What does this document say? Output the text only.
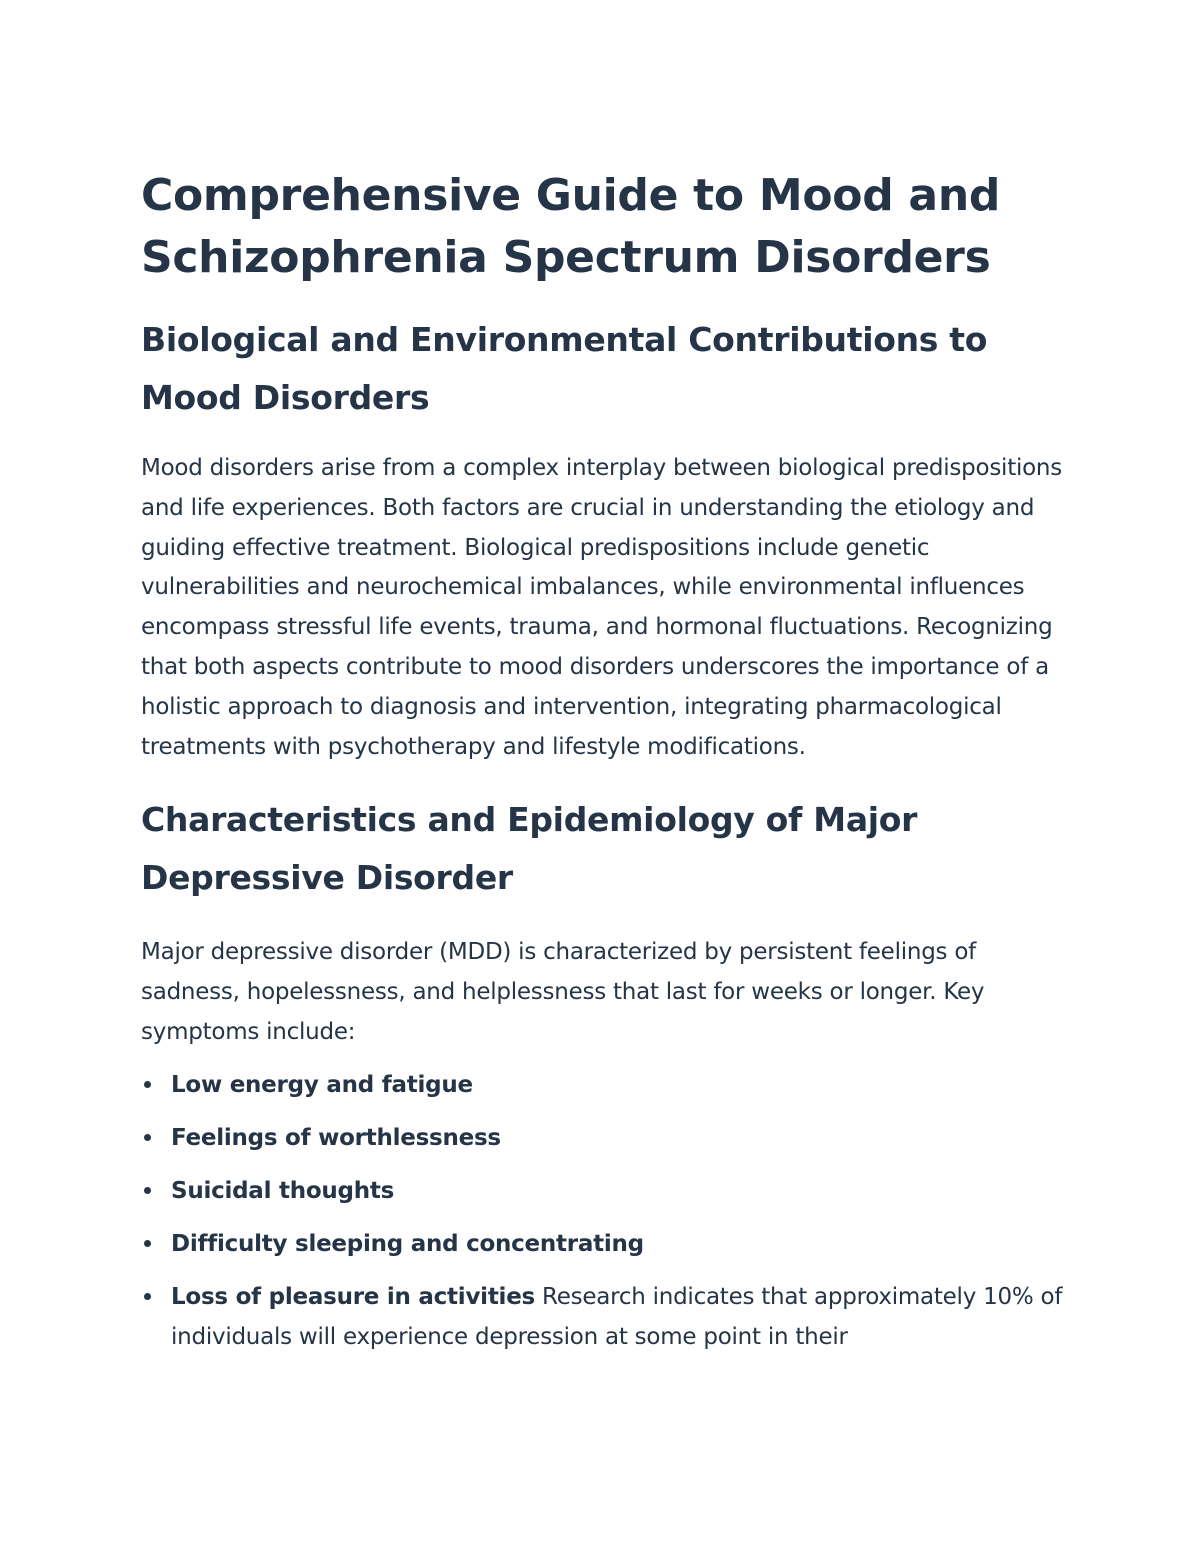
Comprehensive Guide to Mood and Schizophrenia Spectrum Disorders
Biological and Environmental Contributions to Mood Disorders

Mood disorders arise from a complex interplay between biological predispositions and life experiences. Both factors are crucial in understanding the etiology and guiding effective treatment. Biological predispositions include genetic vulnerabilities and neurochemical imbalances, while environmental influences encompass stressful life events, trauma, and hormonal fluctuations. Recognizing that both aspects contribute to mood disorders underscores the importance of a holistic approach to diagnosis and intervention, integrating pharmacological treatments with psychotherapy and lifestyle modifications.

Characteristics and Epidemiology of Major Depressive Disorder

Major depressive disorder (MDD) is characterized by persistent feelings of sadness, hopelessness, and helplessness that last for weeks or longer. Key symptoms include:

Low energy and fatigue
Feelings of worthlessness
Suicidal thoughts
Difficulty sleeping and concentrating
Loss of pleasure in activities Research indicates that approximately 10% of individuals will experience depression at some point in their
